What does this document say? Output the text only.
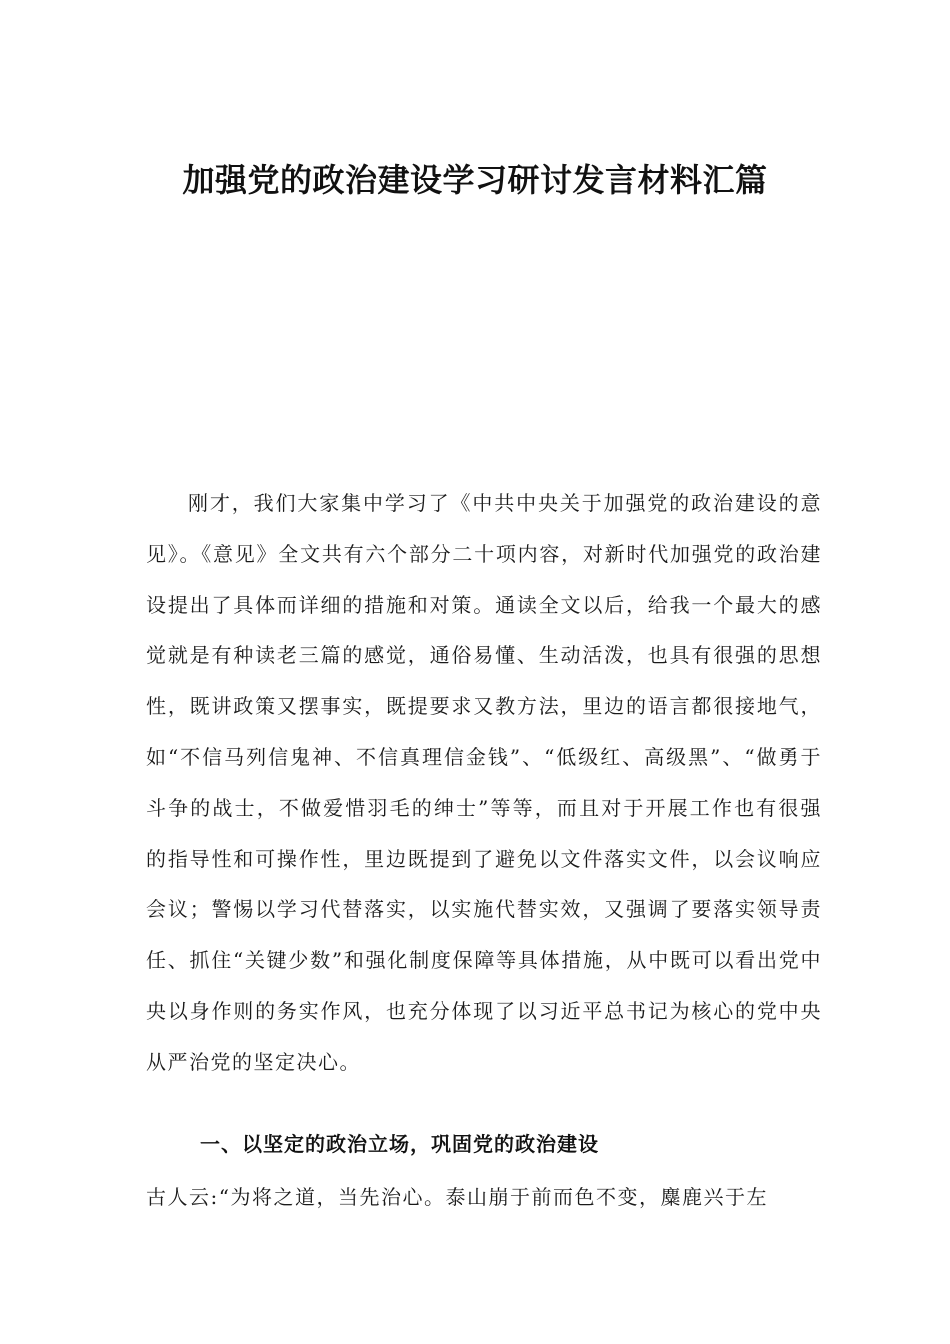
加强党的政治建设学习研讨发言材料汇篇
刚才，我们大家集中学习了《中共中央关于加强党的政治建设的意见》。《意见》全文共有六个部分二十项内容，对新时代加强党的政治建设提出了具体而详细的措施和对策。通读全文以后，给我一个最大的感觉就是有种读老三篇的感觉，通俗易懂、生动活泼，也具有很强的思想性，既讲政策又摆事实，既提要求又教方法，里边的语言都很接地气，如“不信马列信鬼神、不信真理信金钱”、“低级红、高级黑”、“做勇于斗争的战士，不做爱惜羽毛的绅士”等等，而且对于开展工作也有很强的指导性和可操作性，里边既提到了避免以文件落实文件，以会议响应会议；警惕以学习代替落实，以实施代替实效，又强调了要落实领导责任、抓住“关键少数”和强化制度保障等具体措施，从中既可以看出党中央以身作则的务实作风，也充分体现了以习近平总书记为核心的党中央从严治党的坚定决心。
一、以坚定的政治立场，巩固党的政治建设
古人云:“为将之道，当先治心。泰山崩于前而色不变，麋鹿兴于左
